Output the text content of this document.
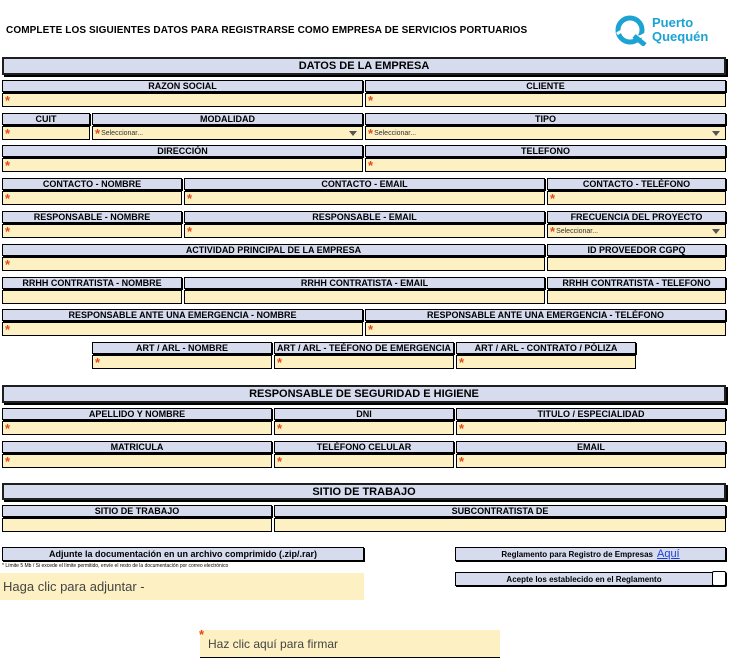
COMPLETE LOS SIGUIENTES DATOS PARA REGISTRARSE COMO EMPRESA DE SERVICIOS PORTUARIOS
Puerto
Quequén
DATOS DE LA EMPRESA
RAZON SOCIAL	CLIENTE
*	*
CUIT	MODALIDAD	TIPO
*	* Seleccionar...	* Seleccionar...
DIRECCIÓN	TELEFONO
*	*
CONTACTO - NOMBRE	CONTACTO - EMAIL	CONTACTO - TELÉFONO
*	*	*
RESPONSABLE - NOMBRE	RESPONSABLE - EMAIL	FRECUENCIA DEL PROYECTO
*	*	* Seleccionar...
ACTIVIDAD PRINCIPAL DE LA EMPRESA	ID PROVEEDOR CGPQ
*
RRHH CONTRATISTA - NOMBRE	RRHH CONTRATISTA - EMAIL	RRHH CONTRATISTA - TELEFONO
RESPONSABLE ANTE UNA EMERGENCIA - NOMBRE	RESPONSABLE ANTE UNA EMERGENCIA - TELÉFONO
*	*
ART / ARL - NOMBRE	ART / ARL - TEÉFONO DE EMERGENCIA	ART / ARL - CONTRATO / PÓLIZA
*	*	*
RESPONSABLE DE SEGURIDAD E HIGIENE
APELLIDO Y NOMBRE	DNI	TITULO / ESPECIALIDAD
*	*	*
MATRICULA	TELÉFONO CELULAR	EMAIL
*	*	*
SITIO DE TRABAJO
SITIO DE TRABAJO	SUBCONTRATISTA DE
Adjunte la documentación en un archivo comprimido (.zip/.rar)
* Límite 5 Mb / Si excede el límite permitido, envíe el resto de la documentación por correo electrónico
Haga clic para adjuntar -
Reglamento para Registro de Empresas Aquí
Acepte los establecido en el Reglamento
Haz clic aquí para firmar
*
